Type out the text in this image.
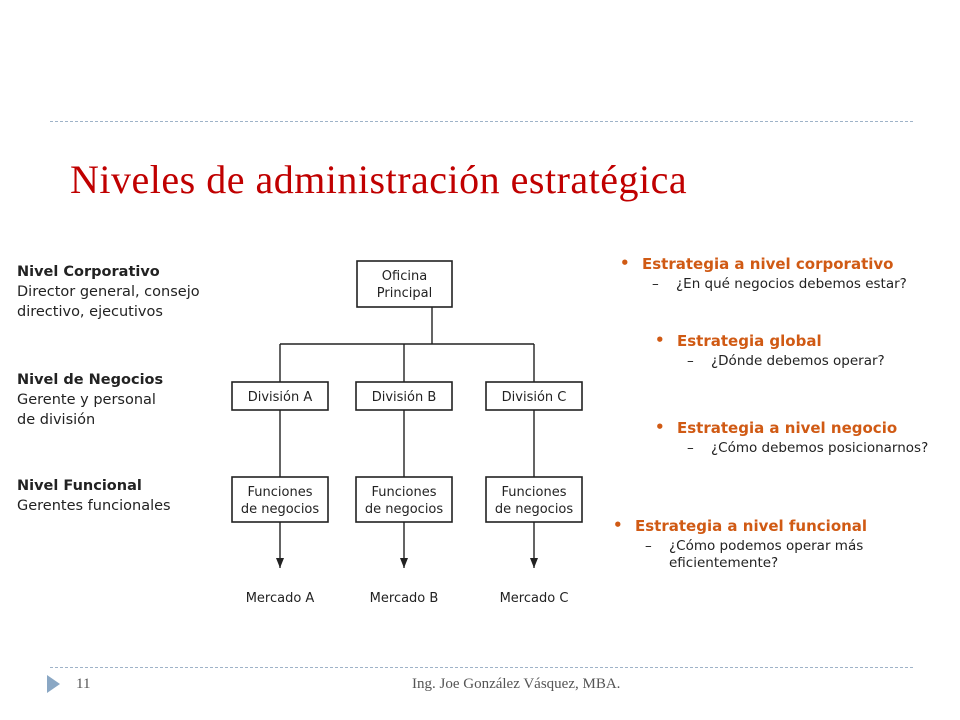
Niveles de administración estratégica
Nivel Corporativo
Director general, consejo directivo, ejecutivos
Nivel de Negocios
Gerente y personal de división
Nivel Funcional
Gerentes funcionales
Oficina
Principal
División A	División B	División C
Funciones
de negocios
Funciones
de negocios
Funciones
de negocios
Mercado A	Mercado B	Mercado C
• Estrategia a nivel corporativo
– ¿En qué negocios debemos estar?
• Estrategia global
– ¿Dónde debemos operar?
• Estrategia a nivel negocio
– ¿Cómo debemos posicionarnos?
• Estrategia a nivel funcional
– ¿Cómo podemos operar más
eficientemente?
11	Ing. Joe González Vásquez, MBA.
